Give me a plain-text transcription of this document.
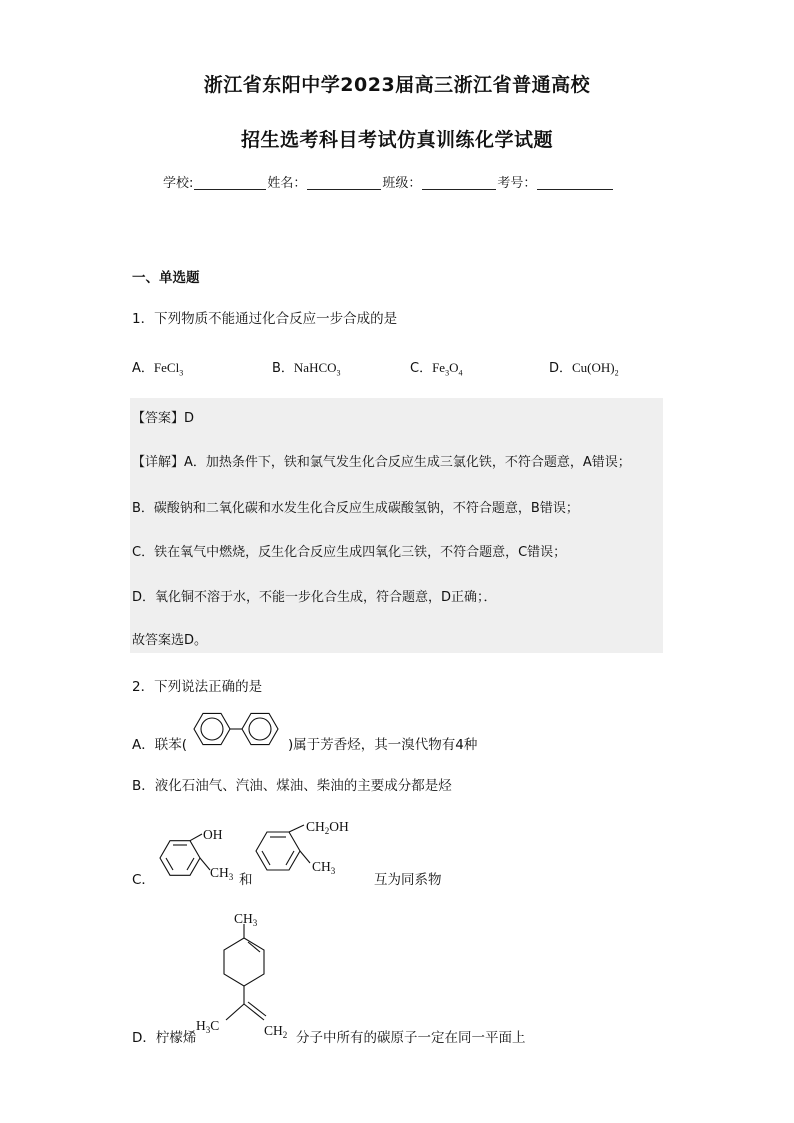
浙江省东阳中学2023届高三浙江省普通高校
招生选考科目考试仿真训练化学试题
学校:	姓名：	班级：	考号：
一、单选题
1．下列物质不能通过化合反应一步合成的是
A．FeCl$_3$	B．NaHCO$_3$	C．$Fe_3O_4$	D．$Cu(OH)_2$
【答案】D
【详解】A．加热条件下，铁和氯气发生化合反应生成三氯化铁，不符合题意，A错误；
B．碳酸钠和二氧化碳和水发生化合反应生成碳酸氢钠，不符合题意，B错误；
C．铁在氧气中燃烧，反生化合反应生成四氧化三铁，不符合题意，C错误；
D．氧化铜不溶于水，不能一步化合生成，符合题意，D正确；．
故答案选D。
2．下列说法正确的是
A．联苯(	)属于芳香烃，其一溴代物有4种
B．液化石油气、汽油、煤油、柴油的主要成分都是烃
C．
OH
$CH_3$ 和
$CH_2OH$
$CH_3$
互为同系物
D．柠檬烯
$CH_3$
$H_3C$	$CH_2$ 分子中所有的碳原子一定在同一平面上
